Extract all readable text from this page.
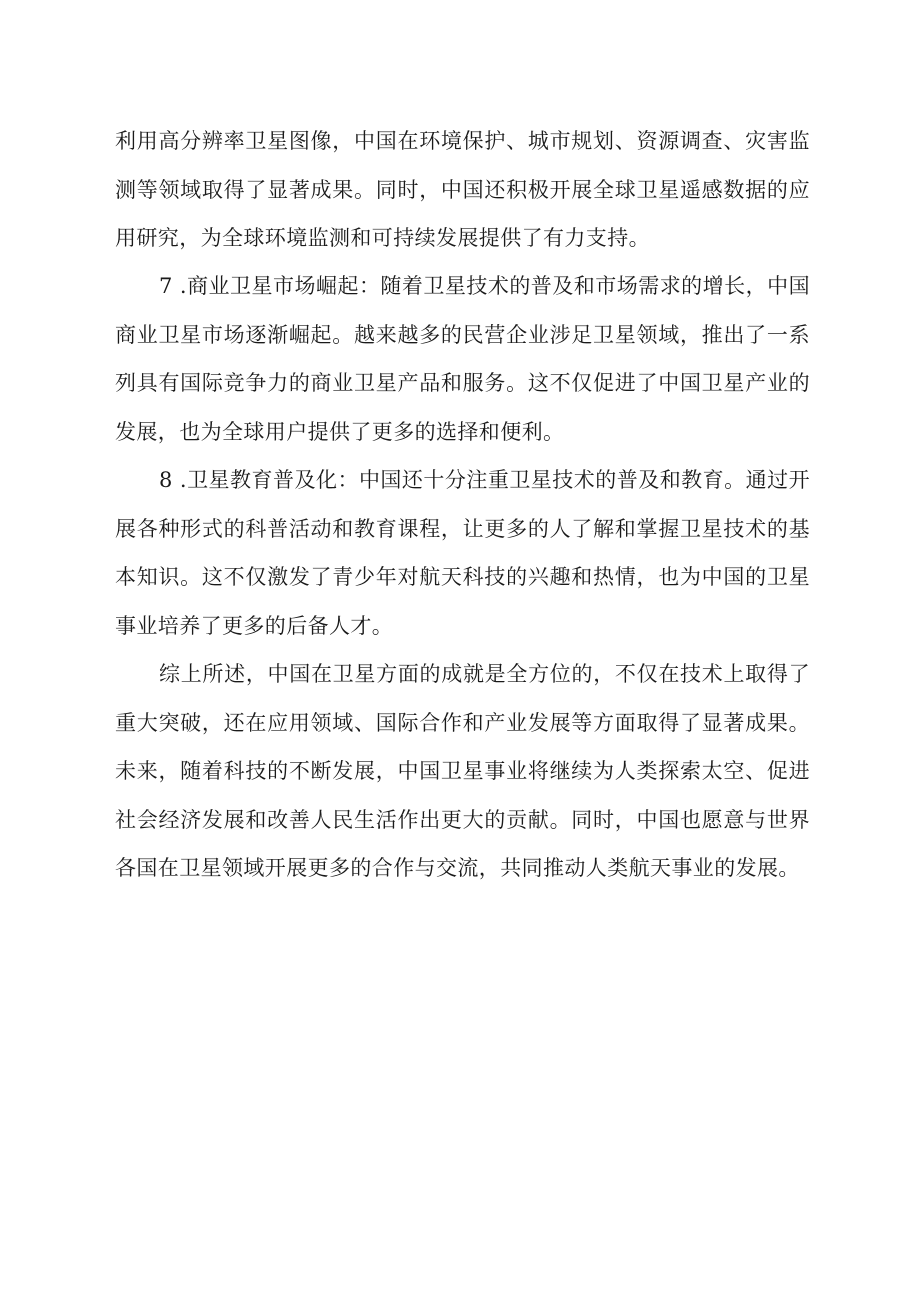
利用高分辨率卫星图像，中国在环境保护、城市规划、资源调查、灾害监测等领域取得了显著成果。同时，中国还积极开展全球卫星遥感数据的应用研究，为全球环境监测和可持续发展提供了有力支持。

7 .商业卫星市场崛起：随着卫星技术的普及和市场需求的增长，中国商业卫星市场逐渐崛起。越来越多的民营企业涉足卫星领域，推出了一系列具有国际竞争力的商业卫星产品和服务。这不仅促进了中国卫星产业的发展，也为全球用户提供了更多的选择和便利。

8 .卫星教育普及化：中国还十分注重卫星技术的普及和教育。通过开展各种形式的科普活动和教育课程，让更多的人了解和掌握卫星技术的基本知识。这不仅激发了青少年对航天科技的兴趣和热情，也为中国的卫星事业培养了更多的后备人才。

综上所述，中国在卫星方面的成就是全方位的，不仅在技术上取得了重大突破，还在应用领域、国际合作和产业发展等方面取得了显著成果。未来，随着科技的不断发展，中国卫星事业将继续为人类探索太空、促进社会经济发展和改善人民生活作出更大的贡献。同时，中国也愿意与世界各国在卫星领域开展更多的合作与交流，共同推动人类航天事业的发展。
